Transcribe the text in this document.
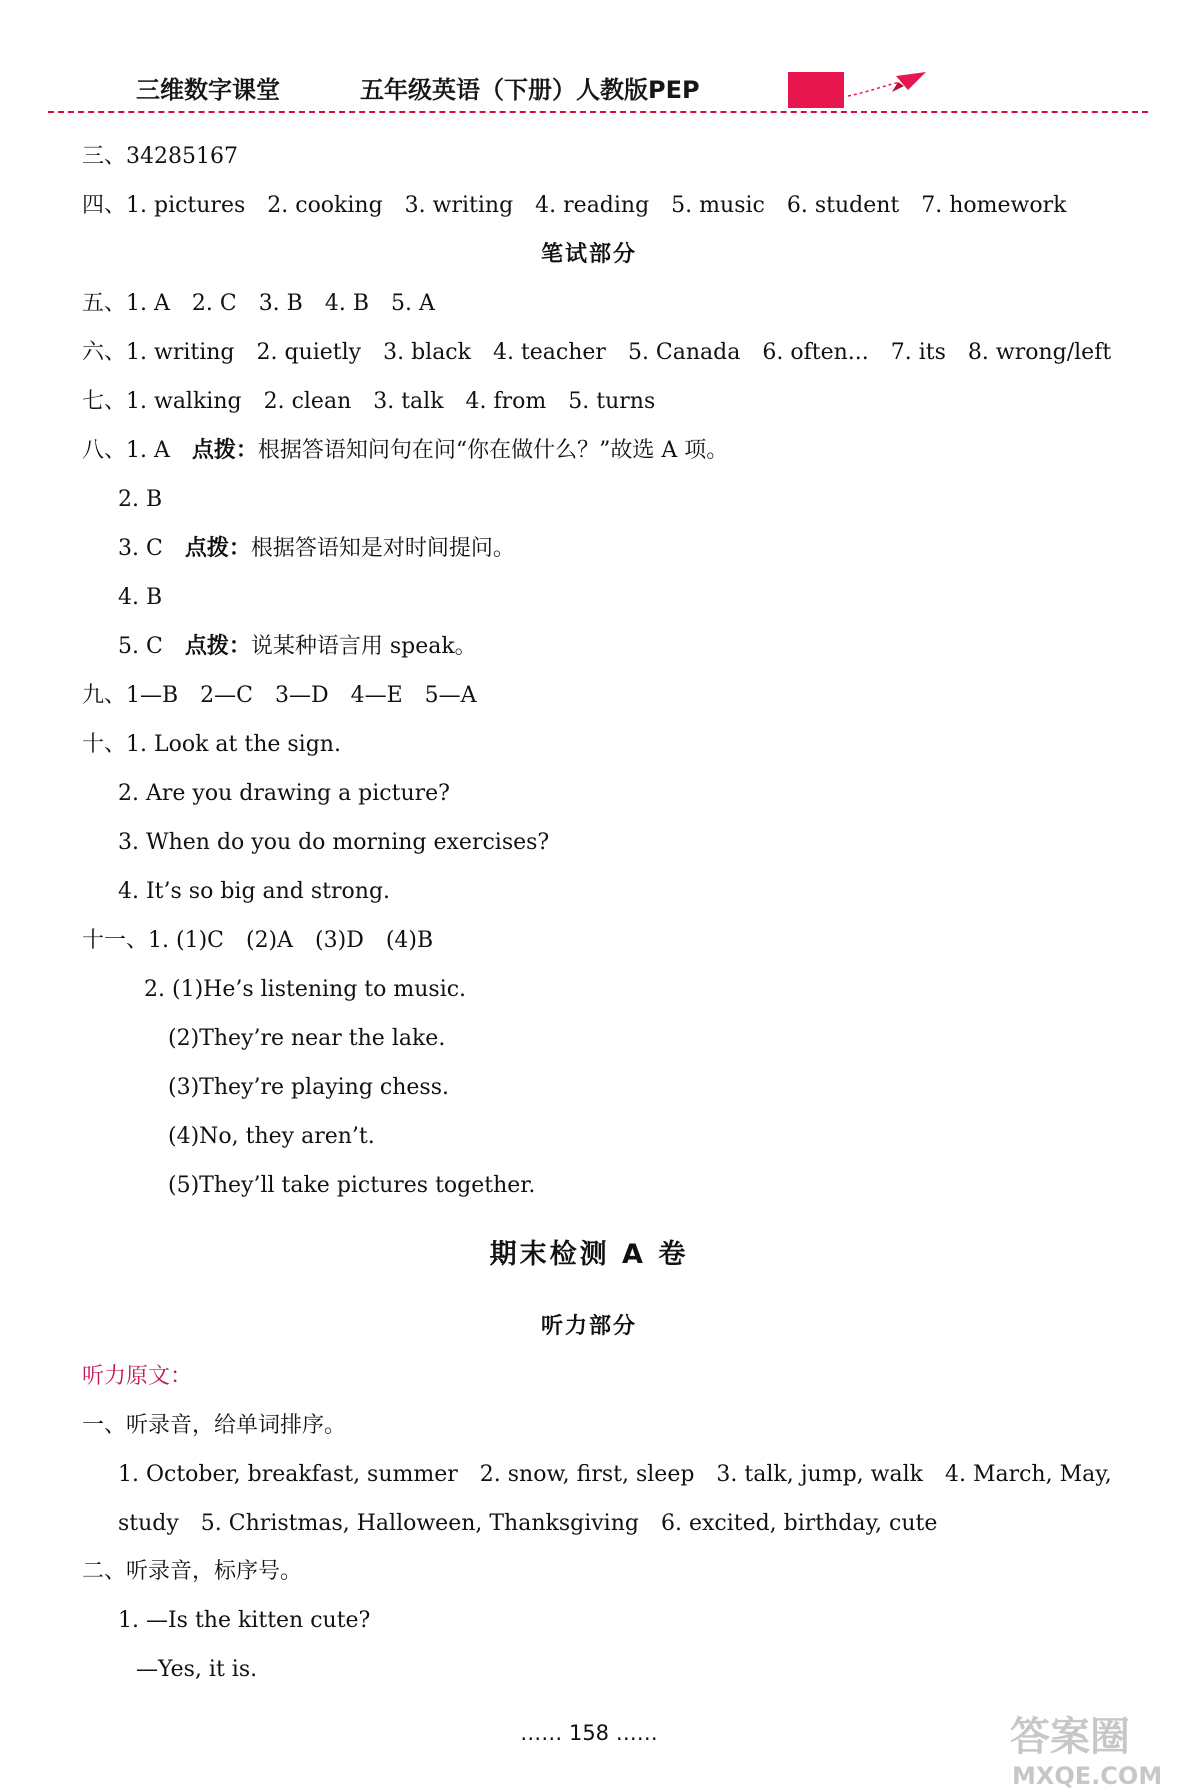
三维数字课堂	五年级英语（下册）人教版PEP
三、34285167
四、1. pictures　2. cooking　3. writing　4. reading　5. music　6. student　7. homework
笔试部分
五、1. A　2. C　3. B　4. B　5. A
六、1. writing　2. quietly　3. black　4. teacher　5. Canada　6. often...　7. its　8. wrong/left
七、1. walking　2. clean　3. talk　4. from　5. turns
八、1. A　点拨：根据答语知问句在问“你在做什么？”故选 A 项。
2. B
3. C　点拨：根据答语知是对时间提问。
4. B
5. C　点拨：说某种语言用 speak。
九、1—B　2—C　3—D　4—E　5—A
十、1. Look at the sign.
2. Are you drawing a picture?
3. When do you do morning exercises?
4. It’s so big and strong.
十一、1. (1)C　(2)A　(3)D　(4)B
2. (1)He’s listening to music.
(2)They’re near the lake.
(3)They’re playing chess.
(4)No, they aren’t.
(5)They’ll take pictures together.
期末检测 A 卷
听力部分
听力原文：
一、听录音，给单词排序。
1. October, breakfast, summer　2. snow, first, sleep　3. talk, jump, walk　4. March, May,
study　5. Christmas, Halloween, Thanksgiving　6. excited, birthday, cute
二、听录音，标序号。
1. —Is the kitten cute?
—Yes, it is.
…… 158 ……	答案圈
MXQE.COM
